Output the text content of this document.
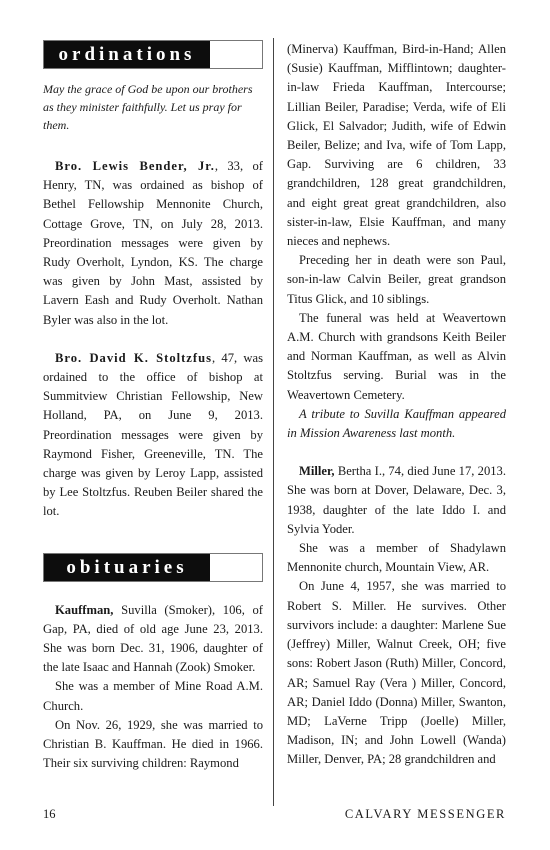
ordinations

May the grace of God be upon our brothers as they minister faithfully. Let us pray for them.

Bro. Lewis Bender, Jr., 33, of Henry, TN, was ordained as bishop of Bethel Fellowship Mennonite Church, Cottage Grove, TN, on July 28, 2013. Preordination messages were given by Rudy Overholt, Lyndon, KS. The charge was given by John Mast, assisted by Lavern Eash and Rudy Overholt. Nathan Byler was also in the lot.

Bro. David K. Stoltzfus, 47, was ordained to the office of bishop at Summitview Christian Fellowship, New Holland, PA, on June 9, 2013. Preordination messages were given by Raymond Fisher, Greeneville, TN. The charge was given by Leroy Lapp, assisted by Lee Stoltzfus. Reuben Beiler shared the lot.

obituaries

Kauffman, Suvilla (Smoker), 106, of Gap, PA, died of old age June 23, 2013. She was born Dec. 31, 1906, daughter of the late Isaac and Hannah (Zook) Smoker.

She was a member of Mine Road A.M. Church.

On Nov. 26, 1929, she was married to Christian B. Kauffman. He died in 1966. Their six surviving children: Raymond

(Minerva) Kauffman, Bird-in-Hand; Allen (Susie) Kauffman, Mifflintown; daughter-in-law Frieda Kauffman, Intercourse; Lillian Beiler, Paradise; Verda, wife of Eli Glick, El Salvador; Judith, wife of Edwin Beiler, Belize; and Iva, wife of Tom Lapp, Gap. Surviving are 6 children, 33 grandchildren, 128 great grandchildren, and eight great great grandchildren, also sister-in-law, Elsie Kauffman, and many nieces and nephews.

Preceding her in death were son Paul, son-in-law Calvin Beiler, great grandson Titus Glick, and 10 siblings.

The funeral was held at Weavertown A.M. Church with grandsons Keith Beiler and Norman Kauffman, as well as Alvin Stoltzfus serving. Burial was in the Weavertown Cemetery.

A tribute to Suvilla Kauffman appeared in Mission Awareness last month.

Miller, Bertha I., 74, died June 17, 2013. She was born at Dover, Delaware, Dec. 3, 1938, daughter of the late Iddo I. and Sylvia Yoder.

She was a member of Shadylawn Mennonite church, Mountain View, AR.

On June 4, 1957, she was married to Robert S. Miller. He survives. Other survivors include: a daughter: Marlene Sue (Jeffrey) Miller, Walnut Creek, OH; five sons: Robert Jason (Ruth) Miller, Concord, AR; Samuel Ray (Vera ) Miller, Concord, AR; Daniel Iddo (Donna) Miller, Swanton, MD; LaVerne Tripp (Joelle) Miller, Madison, IN; and John Lowell (Wanda) Miller, Denver, PA; 28 grandchildren and

16	CALVARY MESSENGER
